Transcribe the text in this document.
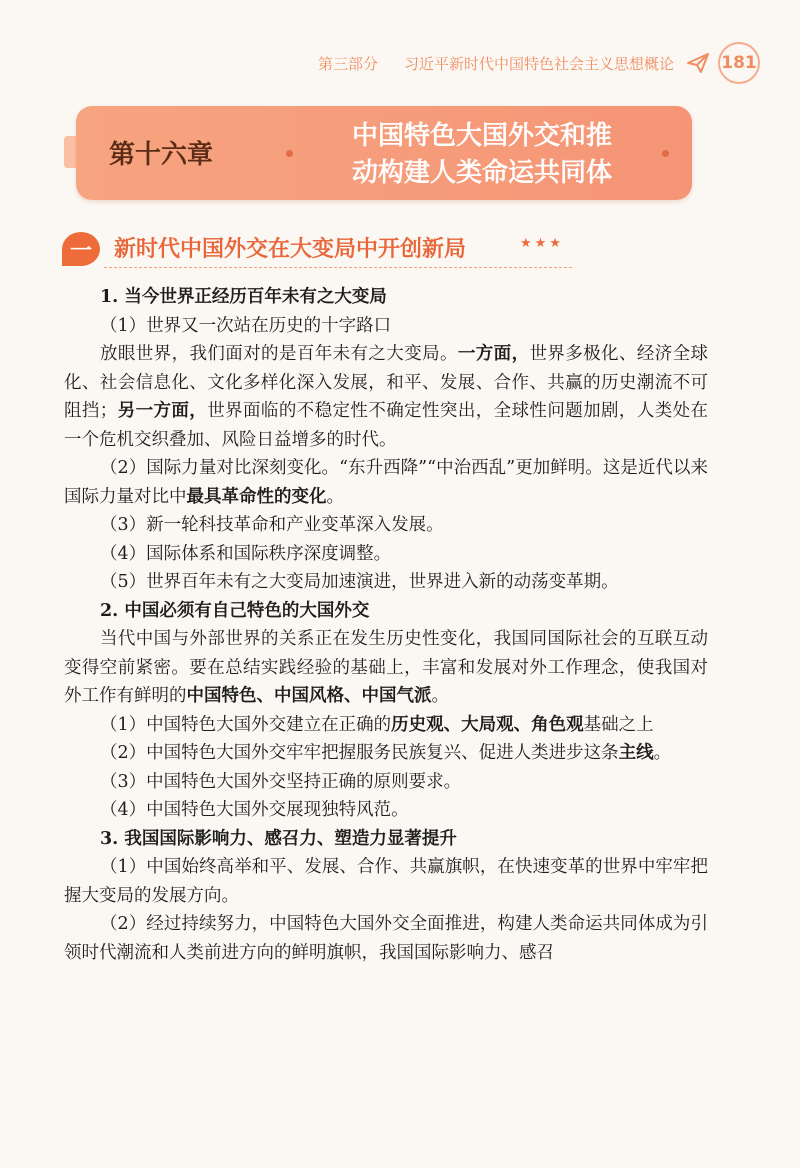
第三部分 习近平新时代中国特色社会主义思想概论	181
第十六章
中国特色大国外交和推
动构建人类命运共同体
一	新时代中国外交在大变局中开创新局	★★★

1. 当今世界正经历百年未有之大变局

（1）世界又一次站在历史的十字路口

放眼世界，我们面对的是百年未有之大变局。一方面，世界多极化、经济全球化、社会信息化、文化多样化深入发展，和平、发展、合作、共赢的历史潮流不可阻挡；另一方面，世界面临的不稳定性不确定性突出，全球性问题加剧，人类处在一个危机交织叠加、风险日益增多的时代。

（2）国际力量对比深刻变化。“东升西降”“中治西乱”更加鲜明。这是近代以来国际力量对比中最具革命性的变化。

（3）新一轮科技革命和产业变革深入发展。

（4）国际体系和国际秩序深度调整。

（5）世界百年未有之大变局加速演进，世界进入新的动荡变革期。

2. 中国必须有自己特色的大国外交

当代中国与外部世界的关系正在发生历史性变化，我国同国际社会的互联互动变得空前紧密。要在总结实践经验的基础上，丰富和发展对外工作理念，使我国对外工作有鲜明的中国特色、中国风格、中国气派。

（1）中国特色大国外交建立在正确的历史观、大局观、角色观基础之上

（2）中国特色大国外交牢牢把握服务民族复兴、促进人类进步这条主线。

（3）中国特色大国外交坚持正确的原则要求。

（4）中国特色大国外交展现独特风范。

3. 我国国际影响力、感召力、塑造力显著提升

（1）中国始终高举和平、发展、合作、共赢旗帜，在快速变革的世界中牢牢把握大变局的发展方向。

（2）经过持续努力，中国特色大国外交全面推进，构建人类命运共同体成为引领时代潮流和人类前进方向的鲜明旗帜，我国国际影响力、感召
